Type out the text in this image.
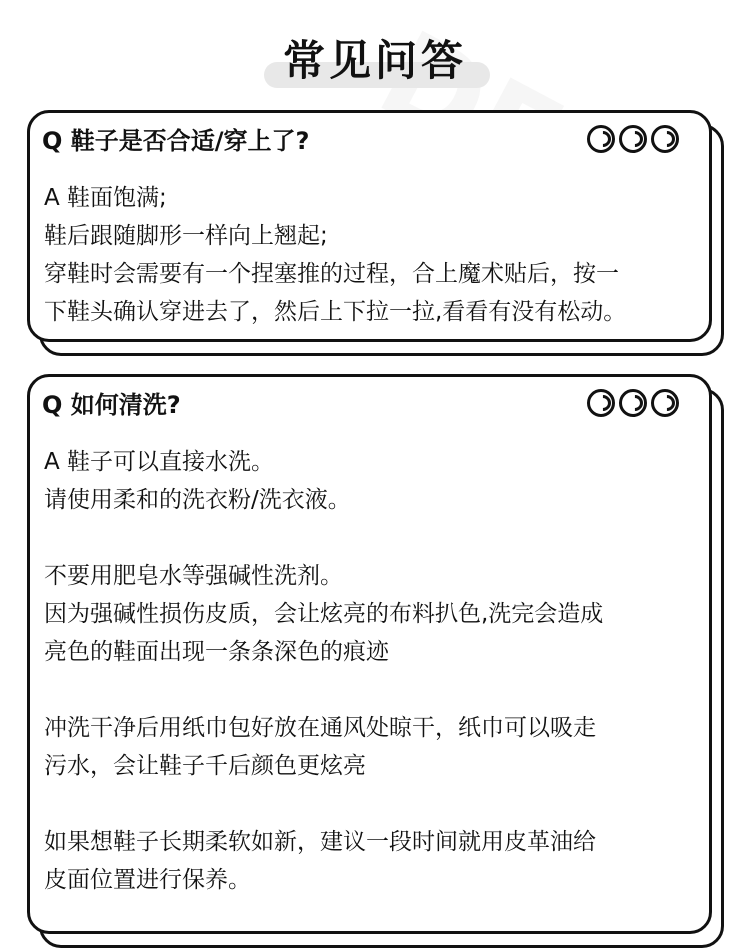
常见问答
Q 鞋子是否合适/穿上了?
A 鞋面饱满;
鞋后跟随脚形一样向上翘起;
穿鞋时会需要有一个捏塞推的过程，合上魔术贴后，按一
下鞋头确认穿进去了，然后上下拉一拉,看看有没有松动。
Q 如何清洗?
A 鞋子可以直接水洗。
请使用柔和的洗衣粉/洗衣液。
不要用肥皂水等强碱性洗剂。
因为强碱性损伤皮质，会让炫亮的布料扒色,洗完会造成
亮色的鞋面出现一条条深色的痕迹
冲洗干净后用纸巾包好放在通风处晾干，纸巾可以吸走
污水，会让鞋子千后颜色更炫亮
如果想鞋子长期柔软如新，建议一段时间就用皮革油给
皮面位置进行保养。
